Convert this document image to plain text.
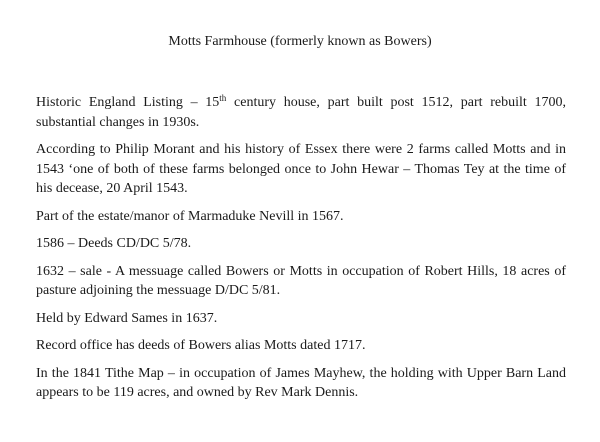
Motts Farmhouse (formerly known as Bowers)

Historic England Listing – 15th century house, part built post 1512, part rebuilt 1700, substantial changes in 1930s.

According to Philip Morant and his history of Essex there were 2 farms called Motts and in 1543 ‘one of both of these farms belonged once to John Hewar – Thomas Tey at the time of his decease, 20 April 1543.

Part of the estate/manor of Marmaduke Nevill in 1567.

1586 – Deeds CD/DC 5/78.

1632 – sale - A messuage called Bowers or Motts in occupation of Robert Hills, 18 acres of pasture adjoining the messuage D/DC 5/81.

Held by Edward Sames in 1637.

Record office has deeds of Bowers alias Motts dated 1717.

In the 1841 Tithe Map – in occupation of James Mayhew, the holding with Upper Barn Land appears to be 119 acres, and owned by Rev Mark Dennis.
